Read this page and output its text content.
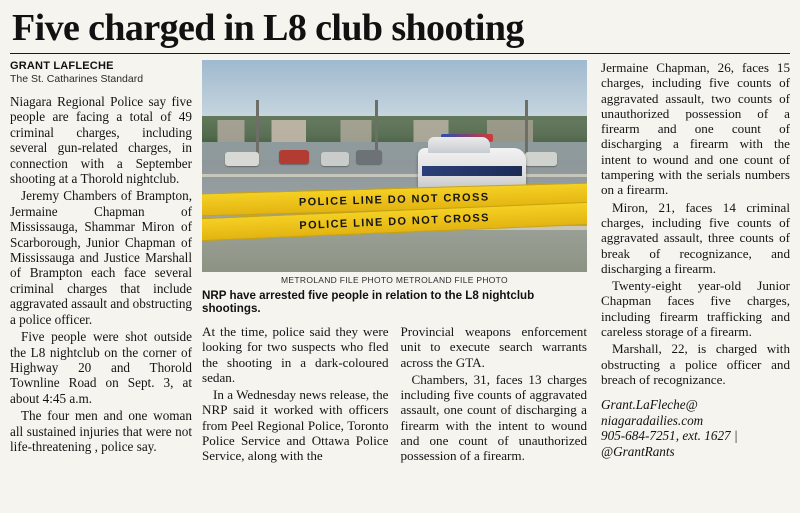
Five charged in L8 club shooting
GRANT LAFLECHE
The St. Catharines Standard

Niagara Regional Police say five people are facing a total of 49 criminal charges, including several gun-related charges, in connection with a September shooting at a Thorold nightclub.

Jeremy Chambers of Brampton, Jermaine Chapman of Mississauga, Shammar Miron of Scarborough, Junior Chapman of Mississauga and Justice Marshall of Brampton each face several criminal charges that include aggravated assault and obstructing a police officer.

Five people were shot outside the L8 nightclub on the corner of Highway 20 and Thorold Townline Road on Sept. 3, at about 4:45 a.m.

The four men and one woman all sustained injuries that were not life-threatening , police say.

POLICE LINE DO NOT CROSS
POLICE LINE DO NOT CROSS
METROLAND FILE PHOTO METROLAND FILE PHOTO
NRP have arrested five people in relation to the L8 nightclub shootings.

At the time, police said they were looking for two suspects who fled the shooting in a dark-coloured sedan.

In a Wednesday news release, the NRP said it worked with officers from Peel Regional Police, Toronto Police Service and Ottawa Police Service, along with the

Provincial weapons enforcement unit to execute search warrants across the GTA.

Chambers, 31, faces 13 charges including five counts of aggravated assault, one count of discharging a firearm with the intent to wound and one count of unauthorized possession of a firearm.

Jermaine Chapman, 26, faces 15 charges, including five counts of aggravated assault, two counts of unauthorized possession of a firearm and one count of discharging a firearm with the intent to wound and one count of tampering with the serials numbers on a firearm.

Miron, 21, faces 14 criminal charges, including five counts of aggravated assault, three counts of break of recognizance, and discharging a firearm.

Twenty-eight year-old Junior Chapman faces five charges, including firearm trafficking and careless storage of a firearm.

Marshall, 22, is charged with obstructing a police officer and breach of recognizance.

Grant.LaFleche@
niagaradailies.com
905-684-7251, ext. 1627 |
@GrantRants
